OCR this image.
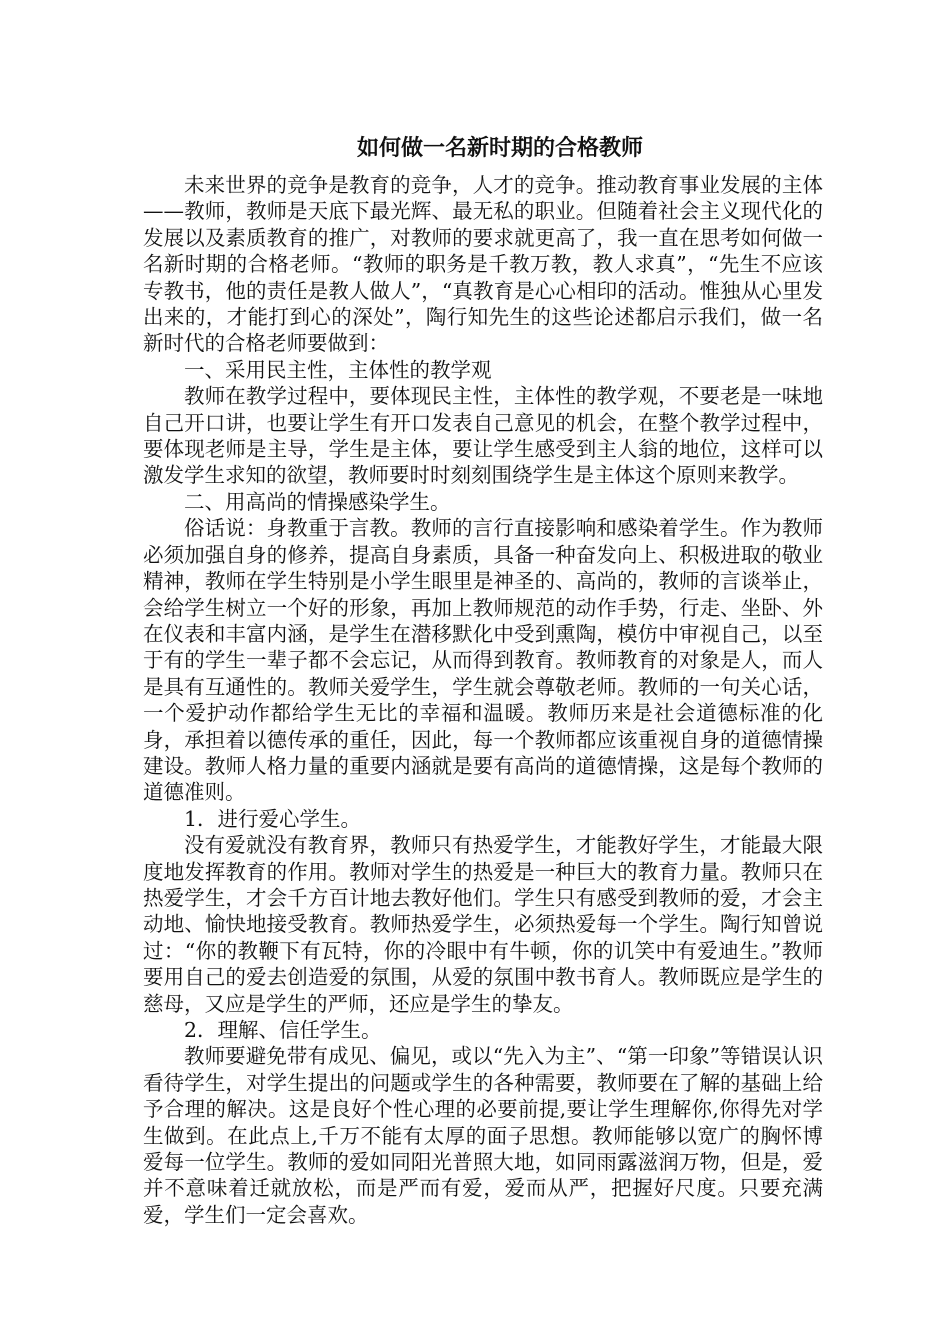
如何做一名新时期的合格教师

未来世界的竞争是教育的竞争，人才的竞争。推动教育事业发展的主体——教师，教师是天底下最光辉、最无私的职业。但随着社会主义现代化的发展以及素质教育的推广，对教师的要求就更高了，我一直在思考如何做一名新时期的合格老师。“教师的职务是千教万教，教人求真”，“先生不应该专教书，他的责任是教人做人”，“真教育是心心相印的活动。惟独从心里发出来的，才能打到心的深处”，陶行知先生的这些论述都启示我们，做一名新时代的合格老师要做到：

一、采用民主性，主体性的教学观

教师在教学过程中，要体现民主性，主体性的教学观，不要老是一味地自己开口讲，也要让学生有开口发表自己意见的机会，在整个教学过程中，要体现老师是主导，学生是主体，要让学生感受到主人翁的地位，这样可以激发学生求知的欲望，教师要时时刻刻围绕学生是主体这个原则来教学。

二、用高尚的情操感染学生。

俗话说：身教重于言教。教师的言行直接影响和感染着学生。作为教师必须加强自身的修养，提高自身素质，具备一种奋发向上、积极进取的敬业精神，教师在学生特别是小学生眼里是神圣的、高尚的，教师的言谈举止，会给学生树立一个好的形象，再加上教师规范的动作手势，行走、坐卧、外在仪表和丰富内涵，是学生在潜移默化中受到熏陶，模仿中审视自己，以至于有的学生一辈子都不会忘记，从而得到教育。教师教育的对象是人，而人是具有互通性的。教师关爱学生，学生就会尊敬老师。教师的一句关心话，一个爱护动作都给学生无比的幸福和温暖。教师历来是社会道德标准的化身，承担着以德传承的重任，因此，每一个教师都应该重视自身的道德情操建设。教师人格力量的重要内涵就是要有高尚的道德情操，这是每个教师的道德准则。

1．进行爱心学生。

没有爱就没有教育界，教师只有热爱学生，才能教好学生，才能最大限度地发挥教育的作用。教师对学生的热爱是一种巨大的教育力量。教师只在热爱学生，才会千方百计地去教好他们。学生只有感受到教师的爱，才会主动地、愉快地接受教育。教师热爱学生，必须热爱每一个学生。陶行知曾说过：“你的教鞭下有瓦特，你的冷眼中有牛顿，你的讥笑中有爱迪生。”教师要用自己的爱去创造爱的氛围，从爱的氛围中教书育人。教师既应是学生的慈母，又应是学生的严师，还应是学生的挚友。

2．理解、信任学生。

教师要避免带有成见、偏见，或以“先入为主”、“第一印象”等错误认识看待学生，对学生提出的问题或学生的各种需要，教师要在了解的基础上给予合理的解决。这是良好个性心理的必要前提,要让学生理解你,你得先对学生做到。在此点上,千万不能有太厚的面子思想。教师能够以宽广的胸怀博爱每一位学生。教师的爱如同阳光普照大地，如同雨露滋润万物，但是，爱并不意味着迁就放松，而是严而有爱，爱而从严，把握好尺度。只要充满爱，学生们一定会喜欢。
